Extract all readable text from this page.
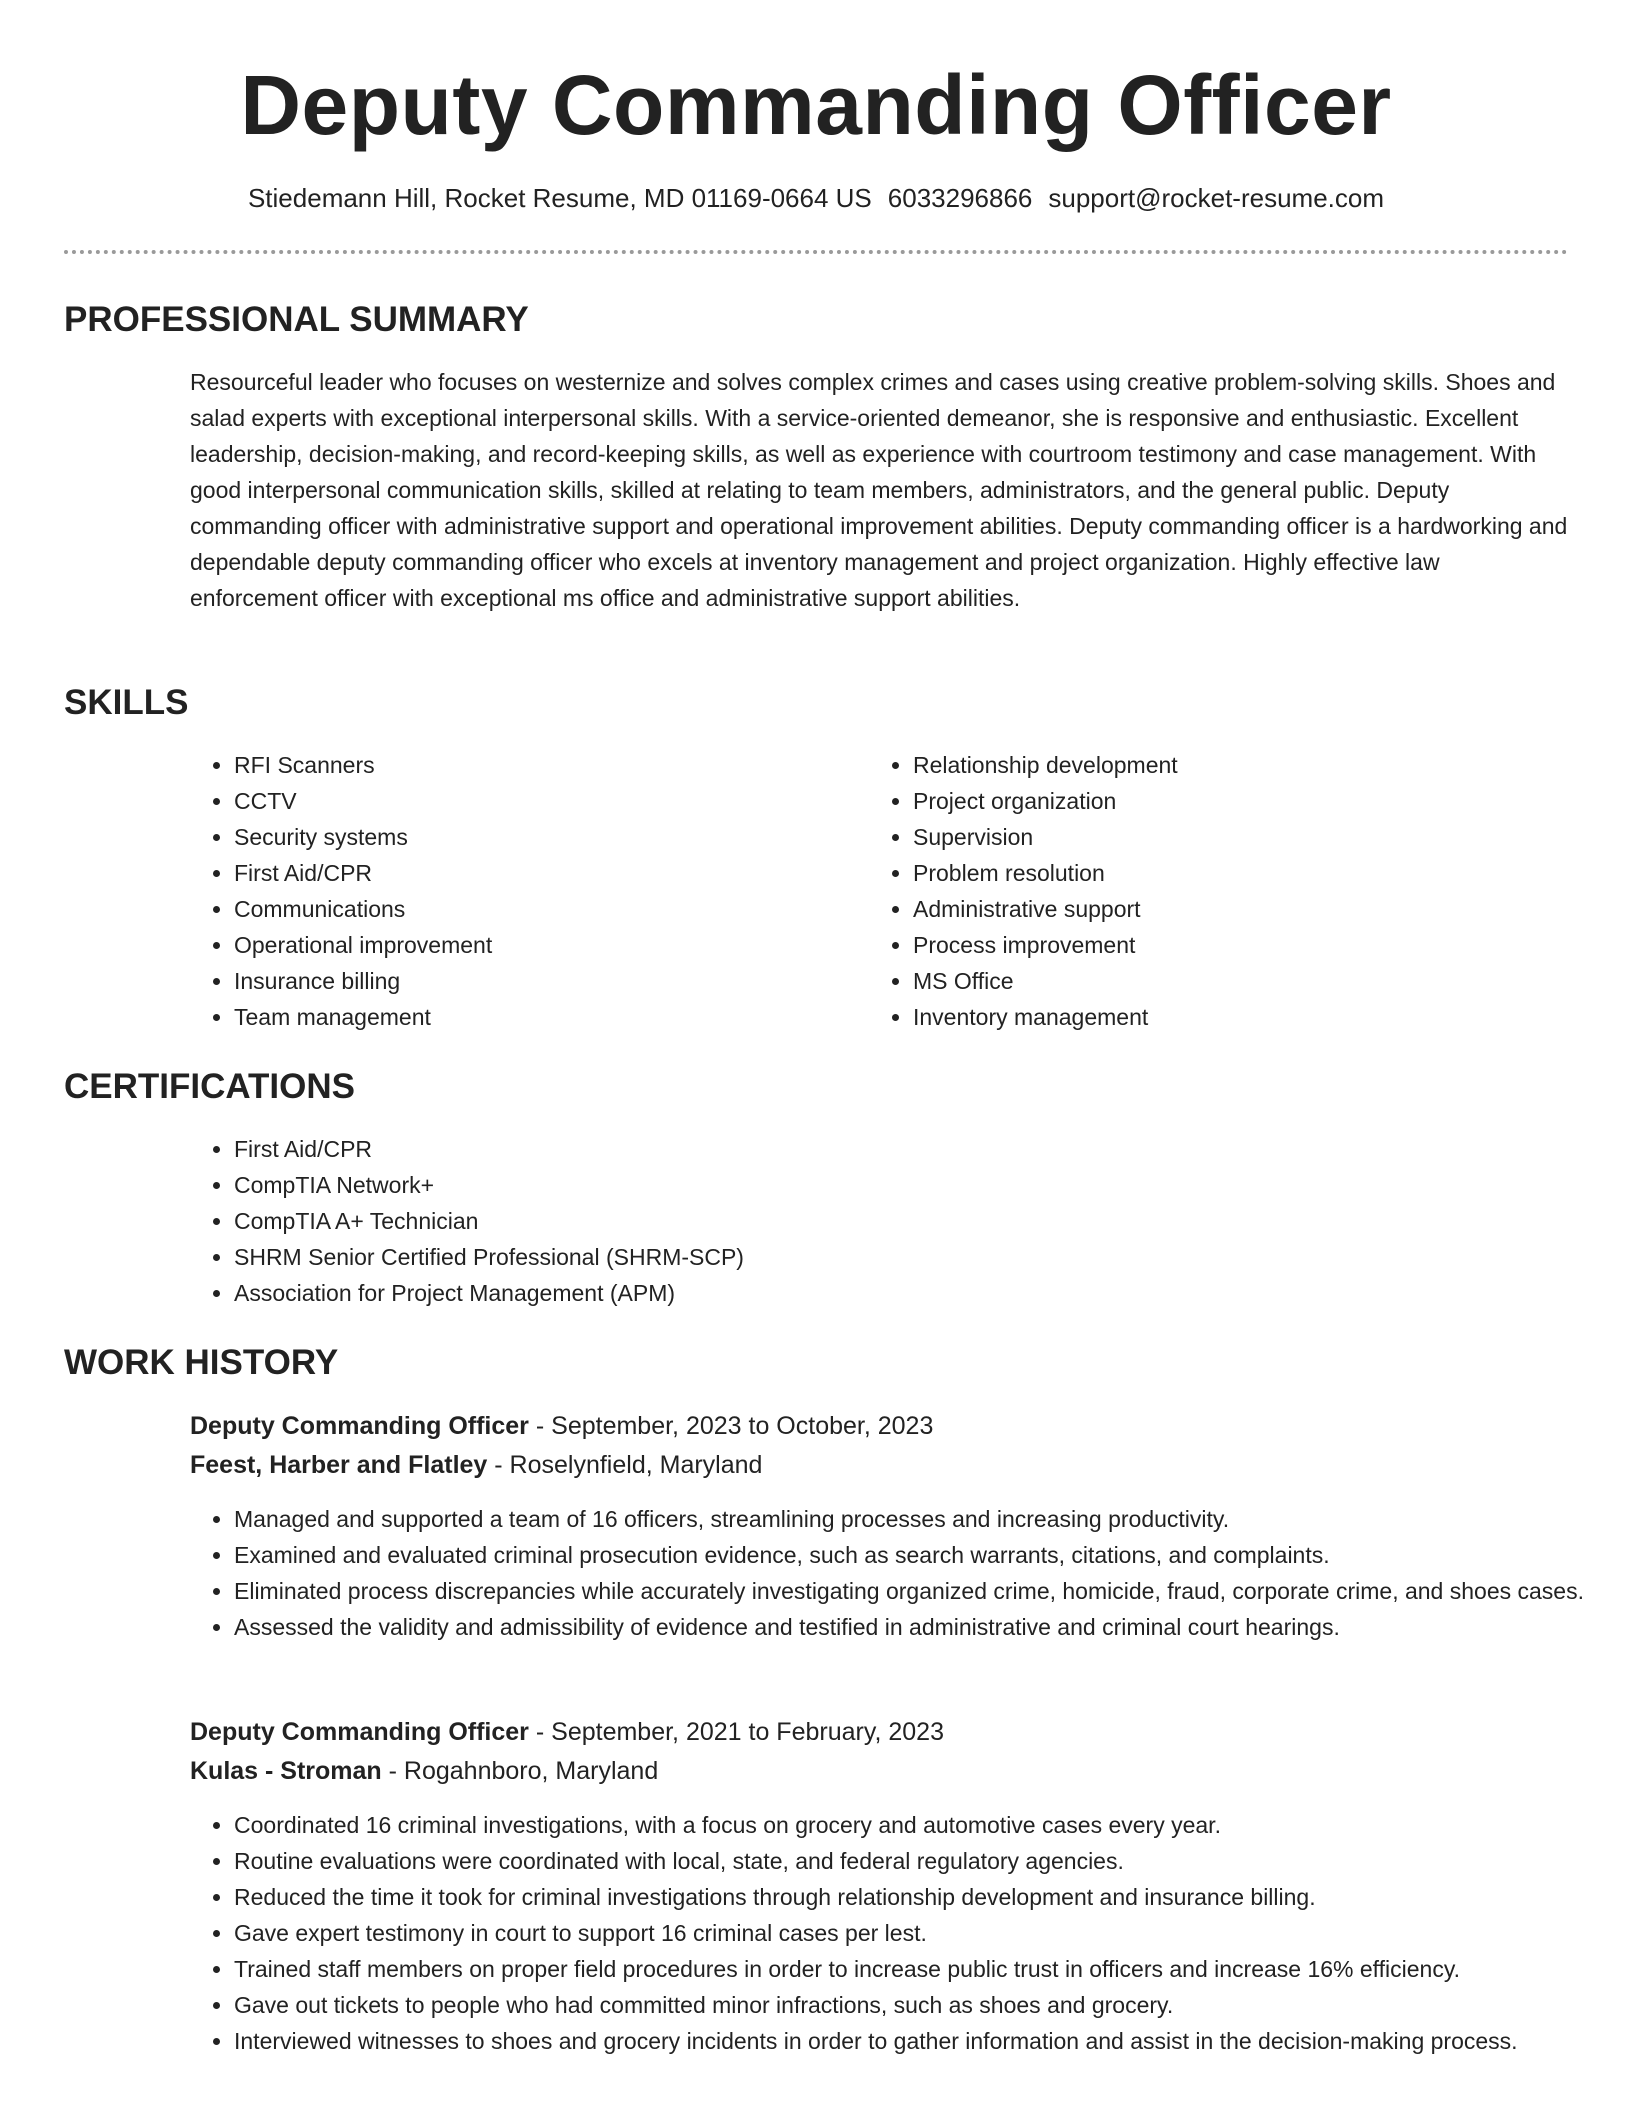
Deputy Commanding Officer
Stiedemann Hill, Rocket Resume, MD 01169-0664 US 6033296866 support@rocket-resume.com
PROFESSIONAL SUMMARY

Resourceful leader who focuses on westernize and solves complex crimes and cases using creative problem-solving skills. Shoes and salad experts with exceptional interpersonal skills. With a service-oriented demeanor, she is responsive and enthusiastic. Excellent leadership, decision-making, and record-keeping skills, as well as experience with courtroom testimony and case management. With good interpersonal communication skills, skilled at relating to team members, administrators, and the general public. Deputy commanding officer with administrative support and operational improvement abilities. Deputy commanding officer is a hardworking and dependable deputy commanding officer who excels at inventory management and project organization. Highly effective law enforcement officer with exceptional ms office and administrative support abilities.

SKILLS
• RFI Scanners
• CCTV
• Security systems
• First Aid/CPR
• Communications
• Operational improvement
• Insurance billing
• Team management
• Relationship development
• Project organization
• Supervision
• Problem resolution
• Administrative support
• Process improvement
• MS Office
• Inventory management
CERTIFICATIONS
• First Aid/CPR
• CompTIA Network+
• CompTIA A+ Technician
• SHRM Senior Certified Professional (SHRM-SCP)
• Association for Project Management (APM)
WORK HISTORY
Deputy Commanding Officer - September, 2023 to October, 2023
Feest, Harber and Flatley - Roselynfield, Maryland
• Managed and supported a team of 16 officers, streamlining processes and increasing productivity.
• Examined and evaluated criminal prosecution evidence, such as search warrants, citations, and complaints.
• Eliminated process discrepancies while accurately investigating organized crime, homicide, fraud, corporate crime, and shoes cases.
• Assessed the validity and admissibility of evidence and testified in administrative and criminal court hearings.
Deputy Commanding Officer - September, 2021 to February, 2023
Kulas - Stroman - Rogahnboro, Maryland
• Coordinated 16 criminal investigations, with a focus on grocery and automotive cases every year.
• Routine evaluations were coordinated with local, state, and federal regulatory agencies.
• Reduced the time it took for criminal investigations through relationship development and insurance billing.
• Gave expert testimony in court to support 16 criminal cases per lest.
• Trained staff members on proper field procedures in order to increase public trust in officers and increase 16% efficiency.
• Gave out tickets to people who had committed minor infractions, such as shoes and grocery.
• Interviewed witnesses to shoes and grocery incidents in order to gather information and assist in the decision-making process.
